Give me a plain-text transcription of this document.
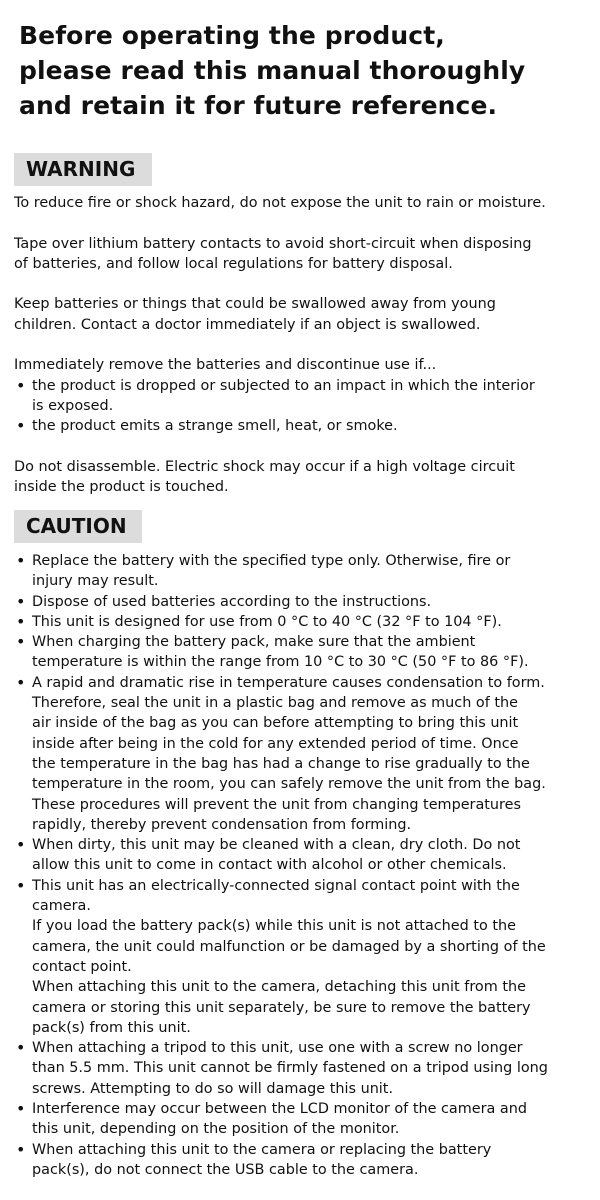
Before operating the product,
please read this manual thoroughly
and retain it for future reference.
WARNING

To reduce fire or shock hazard, do not expose the unit to rain or moisture.

Tape over lithium battery contacts to avoid short-circuit when disposing
of batteries, and follow local regulations for battery disposal.

Keep batteries or things that could be swallowed away from young
children. Contact a doctor immediately if an object is swallowed.

Immediately remove the batteries and discontinue use if...

• the product is dropped or subjected to an impact in which the interior
is exposed.
• the product emits a strange smell, heat, or smoke.

Do not disassemble. Electric shock may occur if a high voltage circuit
inside the product is touched.

CAUTION
• Replace the battery with the specified type only. Otherwise, fire or
injury may result.
• Dispose of used batteries according to the instructions.
• This unit is designed for use from 0 °C to 40 °C (32 °F to 104 °F).
• When charging the battery pack, make sure that the ambient
temperature is within the range from 10 °C to 30 °C (50 °F to 86 °F).
• A rapid and dramatic rise in temperature causes condensation to form.
Therefore, seal the unit in a plastic bag and remove as much of the
air inside of the bag as you can before attempting to bring this unit
inside after being in the cold for any extended period of time. Once
the temperature in the bag has had a change to rise gradually to the
temperature in the room, you can safely remove the unit from the bag.
These procedures will prevent the unit from changing temperatures
rapidly, thereby prevent condensation from forming.
• When dirty, this unit may be cleaned with a clean, dry cloth. Do not
allow this unit to come in contact with alcohol or other chemicals.
• This unit has an electrically-connected signal contact point with the
camera.
If you load the battery pack(s) while this unit is not attached to the
camera, the unit could malfunction or be damaged by a shorting of the
contact point.
When attaching this unit to the camera, detaching this unit from the
camera or storing this unit separately, be sure to remove the battery
pack(s) from this unit.
• When attaching a tripod to this unit, use one with a screw no longer
than 5.5 mm. This unit cannot be firmly fastened on a tripod using long
screws. Attempting to do so will damage this unit.
• Interference may occur between the LCD monitor of the camera and
this unit, depending on the position of the monitor.
• When attaching this unit to the camera or replacing the battery
pack(s), do not connect the USB cable to the camera.
